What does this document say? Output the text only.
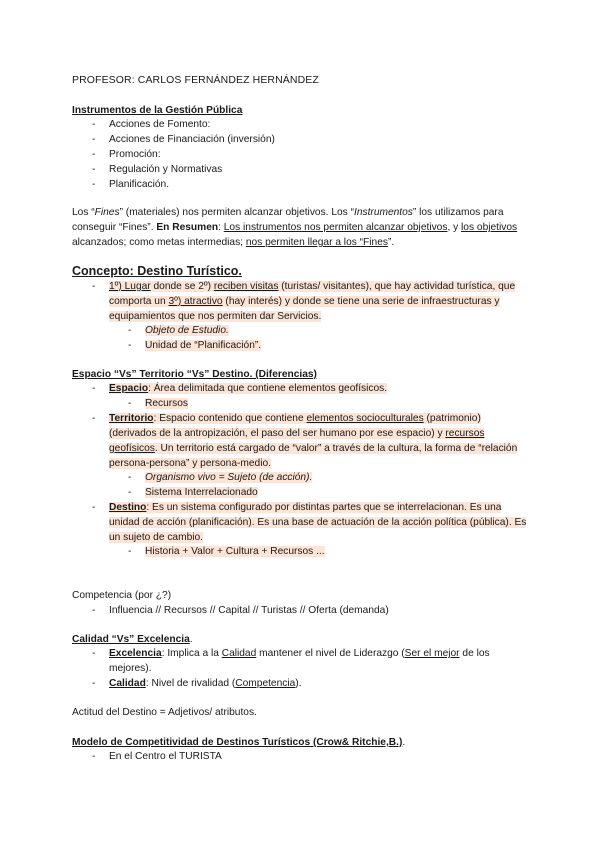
PROFESOR: CARLOS FERNÁNDEZ HERNÁNDEZ
Instrumentos de la Gestión Pública
- Acciones de Fomento:
- Acciones de Financiación (inversión)
- Promoción:
- Regulación y Normativas
- Planificación.

Los “Fines” (materiales) nos permiten alcanzar objetivos. Los “Instrumentos” los utilizamos para conseguir “Fines”. En Resumen: Los instrumentos nos permiten alcanzar objetivos, y los objetivos alcanzados; como metas intermedias; nos permiten llegar a los “Fines”.

Concepto: Destino Turístico.
- 1º) Lugar donde se 2º) reciben visitas (turistas/ visitantes), que hay actividad turística, que comporta un 3º) atractivo (hay interés) y donde se tiene una serie de infraestructuras y equipamientos que nos permiten dar Servicios.
- Objeto de Estudio.
- Unidad de “Planificación”.
Espacio “Vs” Territorio “Vs” Destino. (Diferencias)
- Espacio: Área delimitada que contiene elementos geofísicos.
- Recursos
- Territorio: Espacio contenido que contiene elementos socioculturales (patrimonio)(derivados de la antropización, el paso del ser humano por ese espacio) y recursos geofísicos. Un territorio está cargado de “valor” a través de la cultura, la forma de “relación persona-persona” y persona-medio.
- Organismo vivo = Sujeto (de acción).
- Sistema Interrelacionado
- Destino: Es un sistema configurado por distintas partes que se interrelacionan. Es una unidad de acción (planificación). Es una base de actuación de la acción política (pública). Es un sujeto de cambio.
- Historia + Valor + Cultura + Recursos ...
Competencia (por ¿?)
- Influencia // Recursos // Capital // Turistas // Oferta (demanda)
Calidad “Vs” Excelencia.
- Excelencia: Implica a la Calidad mantener el nivel de Liderazgo (Ser el mejor de los mejores).
- Calidad: Nivel de rivalidad (Competencia).
Actitud del Destino = Adjetivos/ atributos.
Modelo de Competitividad de Destinos Turísticos (Crow& Ritchie,B.).
- En el Centro el TURISTA
